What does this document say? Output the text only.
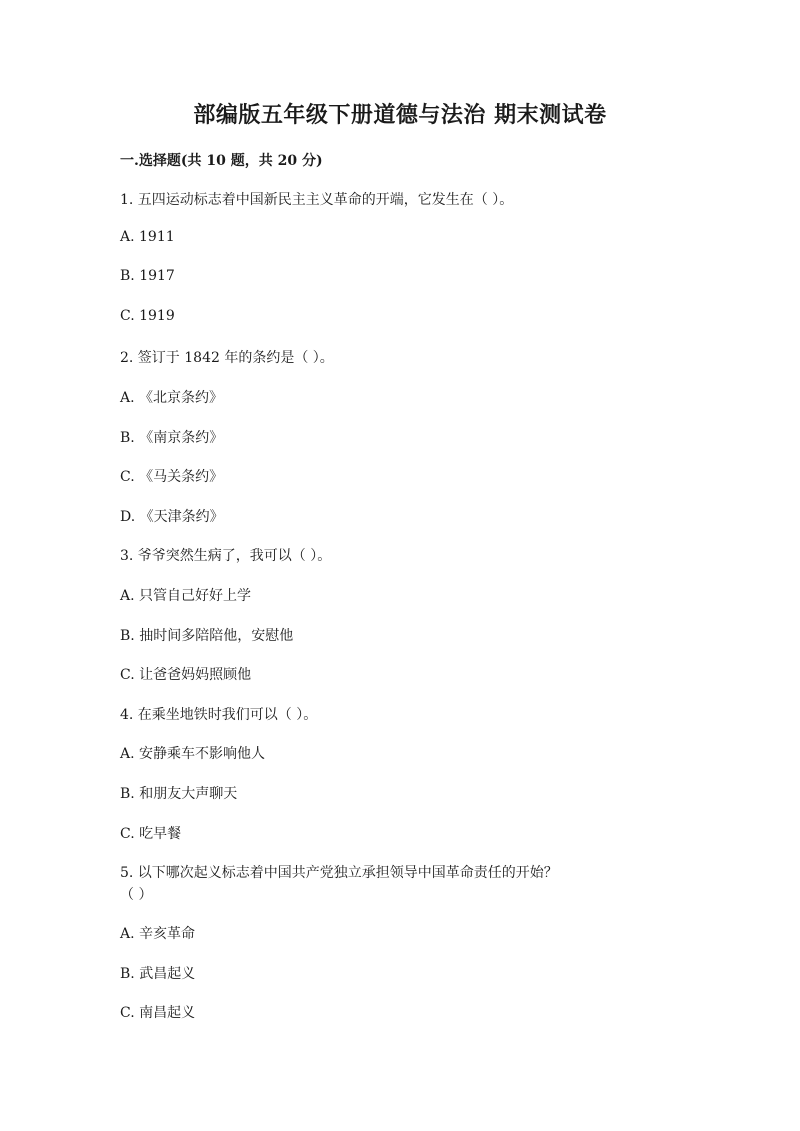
部编版五年级下册道德与法治 期末测试卷
一.选择题(共 10 题，共 20 分)
1. 五四运动标志着中国新民主主义革命的开端，它发生在（ ）。
A. 1911
B. 1917
C. 1919
2. 签订于 1842 年的条约是（ ）。
A. 《北京条约》
B. 《南京条约》
C. 《马关条约》
D. 《天津条约》
3. 爷爷突然生病了，我可以（ ）。
A. 只管自己好好上学
B. 抽时间多陪陪他，安慰他
C. 让爸爸妈妈照顾他
4. 在乘坐地铁时我们可以（ ）。
A. 安静乘车不影响他人
B. 和朋友大声聊天
C. 吃早餐
5. 以下哪次起义标志着中国共产党独立承担领导中国革命责任的开始？
（ ）
A. 辛亥革命
B. 武昌起义
C. 南昌起义
